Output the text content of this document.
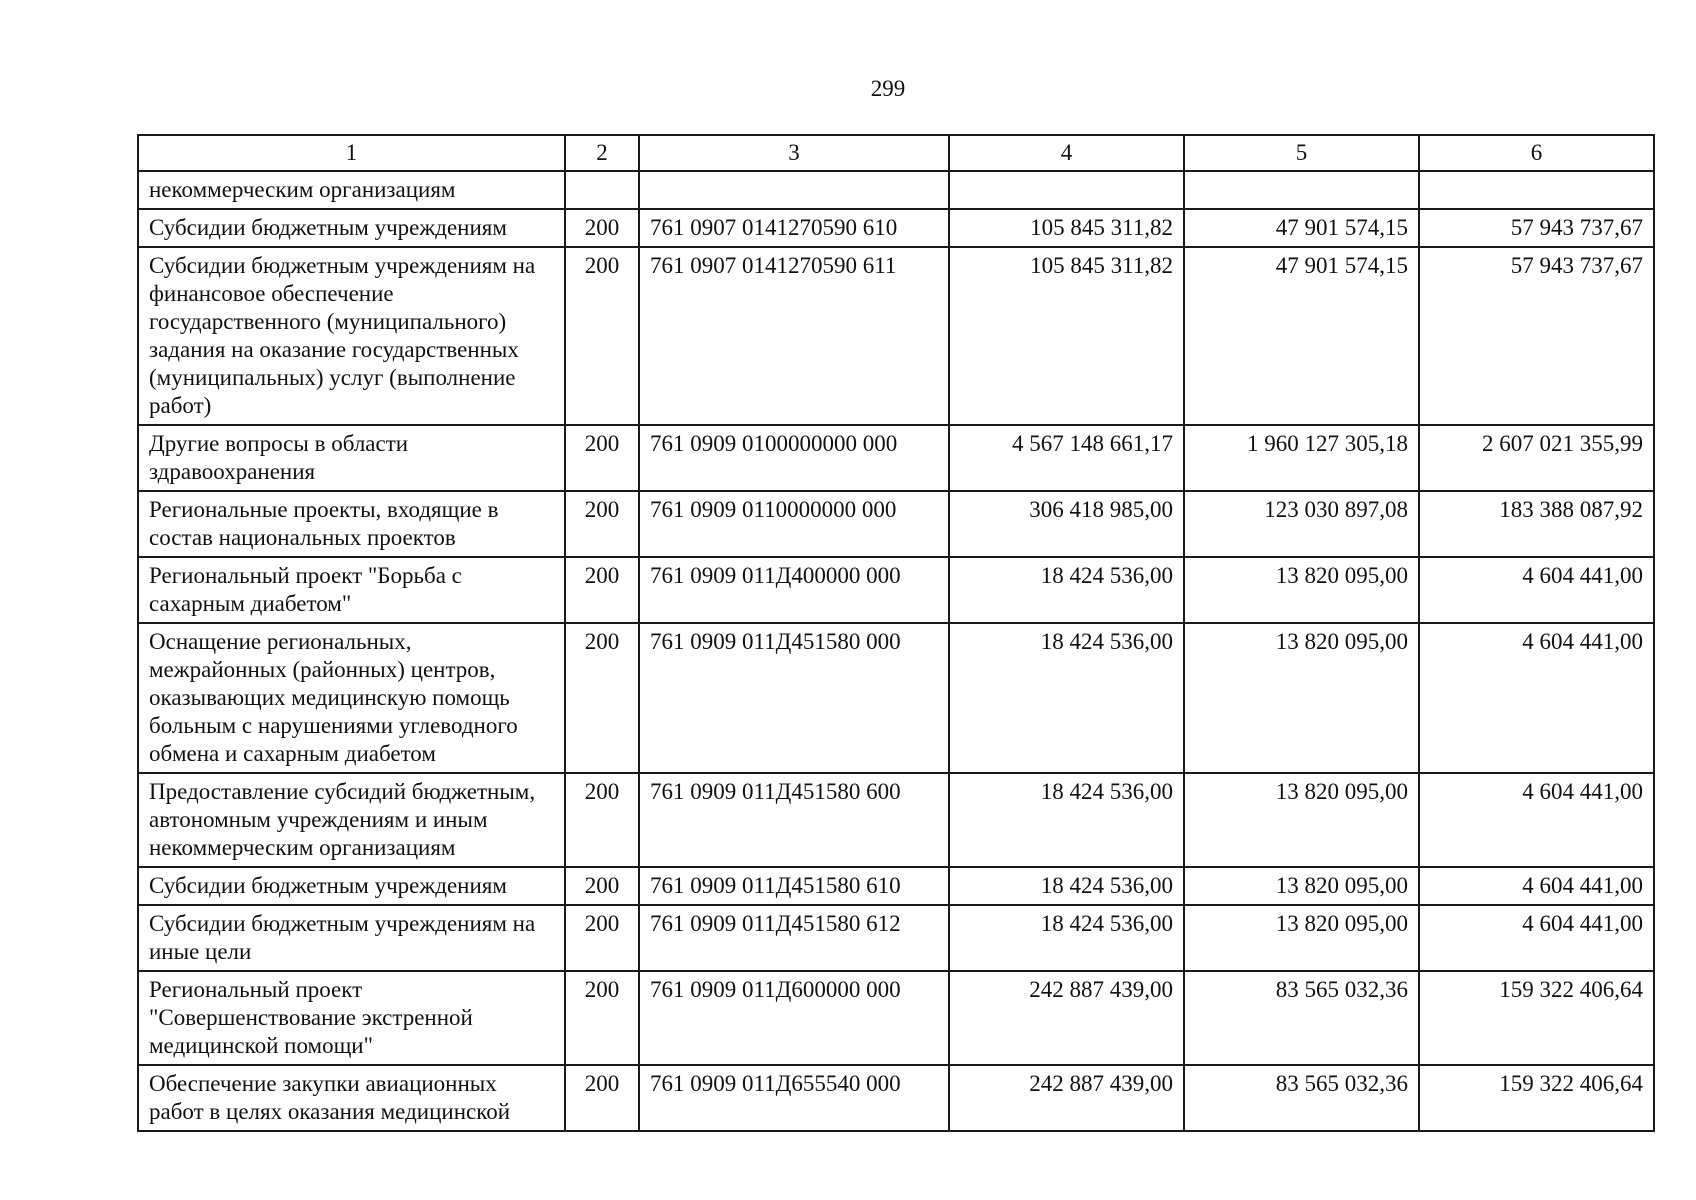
299
1	2	3	4	5	6
некоммерческим организациям					
Субсидии бюджетным учреждениям	200	761 0907 0141270590 610	105 845 311,82	47 901 574,15	57 943 737,67
Субсидии бюджетным учреждениям на финансовое обеспечение государственного (муниципального) задания на оказание государственных (муниципальных) услуг (выполнение работ)	200	761 0907 0141270590 611	105 845 311,82	47 901 574,15	57 943 737,67
Другие вопросы в области здравоохранения	200	761 0909 0100000000 000	4 567 148 661,17	1 960 127 305,18	2 607 021 355,99
Региональные проекты, входящие в состав национальных проектов	200	761 0909 0110000000 000	306 418 985,00	123 030 897,08	183 388 087,92
Региональный проект "Борьба с сахарным диабетом"	200	761 0909 011Д400000 000	18 424 536,00	13 820 095,00	4 604 441,00
Оснащение региональных, межрайонных (районных) центров, оказывающих медицинскую помощь больным с нарушениями углеводного обмена и сахарным диабетом	200	761 0909 011Д451580 000	18 424 536,00	13 820 095,00	4 604 441,00
Предоставление субсидий бюджетным, автономным учреждениям и иным некоммерческим организациям	200	761 0909 011Д451580 600	18 424 536,00	13 820 095,00	4 604 441,00
Субсидии бюджетным учреждениям	200	761 0909 011Д451580 610	18 424 536,00	13 820 095,00	4 604 441,00
Субсидии бюджетным учреждениям на иные цели	200	761 0909 011Д451580 612	18 424 536,00	13 820 095,00	4 604 441,00
Региональный проект "Совершенствование экстренной медицинской помощи"	200	761 0909 011Д600000 000	242 887 439,00	83 565 032,36	159 322 406,64
Обеспечение закупки авиационных работ в целях оказания медицинской	200	761 0909 011Д655540 000	242 887 439,00	83 565 032,36	159 322 406,64
